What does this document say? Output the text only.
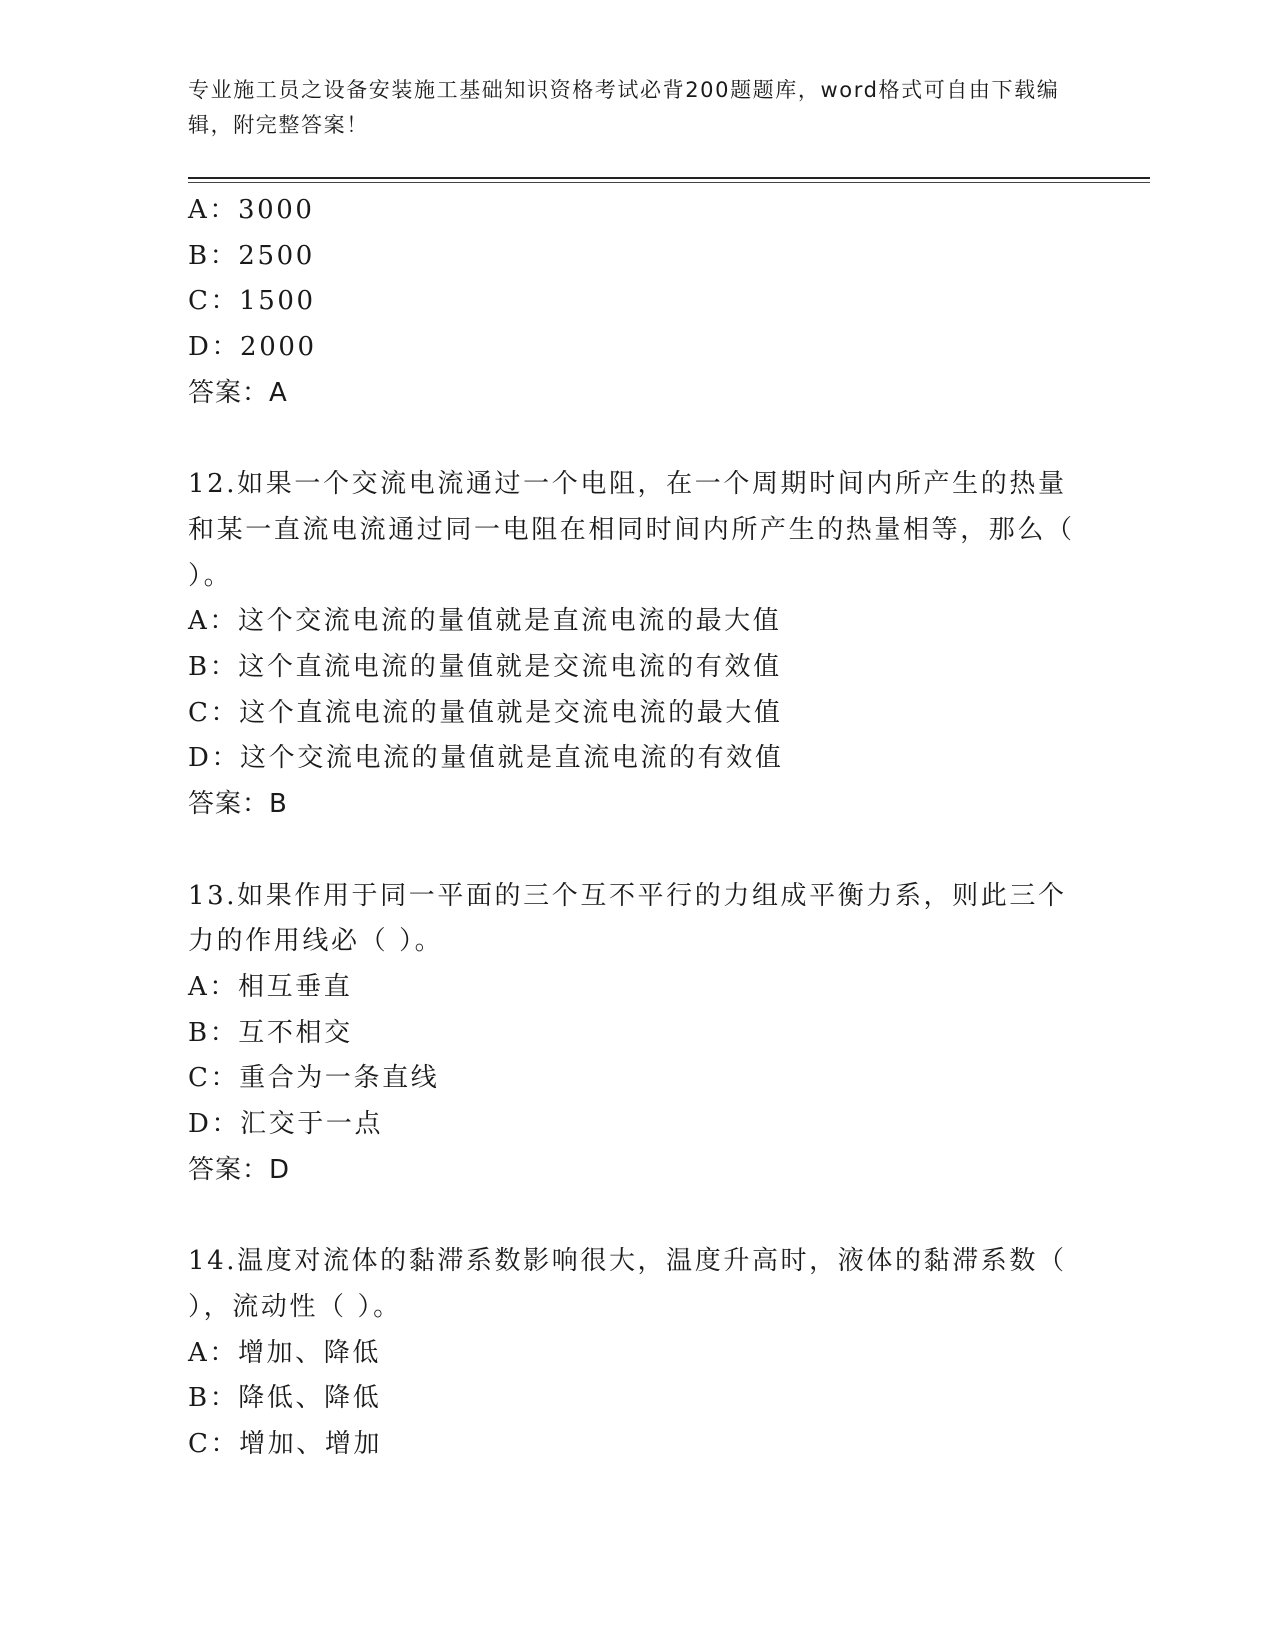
专业施工员之设备安装施工基础知识资格考试必背200题题库，word格式可自由下载编辑，附完整答案！
A：3000
B：2500
C：1500
D：2000
答案：A
12.如果一个交流电流通过一个电阻，在一个周期时间内所产生的热量和某一直流电流通过同一电阻在相同时间内所产生的热量相等，那么（ ）。
A：这个交流电流的量值就是直流电流的最大值
B：这个直流电流的量值就是交流电流的有效值
C：这个直流电流的量值就是交流电流的最大值
D：这个交流电流的量值就是直流电流的有效值
答案：B
13.如果作用于同一平面的三个互不平行的力组成平衡力系，则此三个力的作用线必（ ）。
A：相互垂直
B：互不相交
C：重合为一条直线
D：汇交于一点
答案：D
14.温度对流体的黏滞系数影响很大，温度升高时，液体的黏滞系数（ ），流动性（ ）。
A：增加、降低
B：降低、降低
C：增加、增加
